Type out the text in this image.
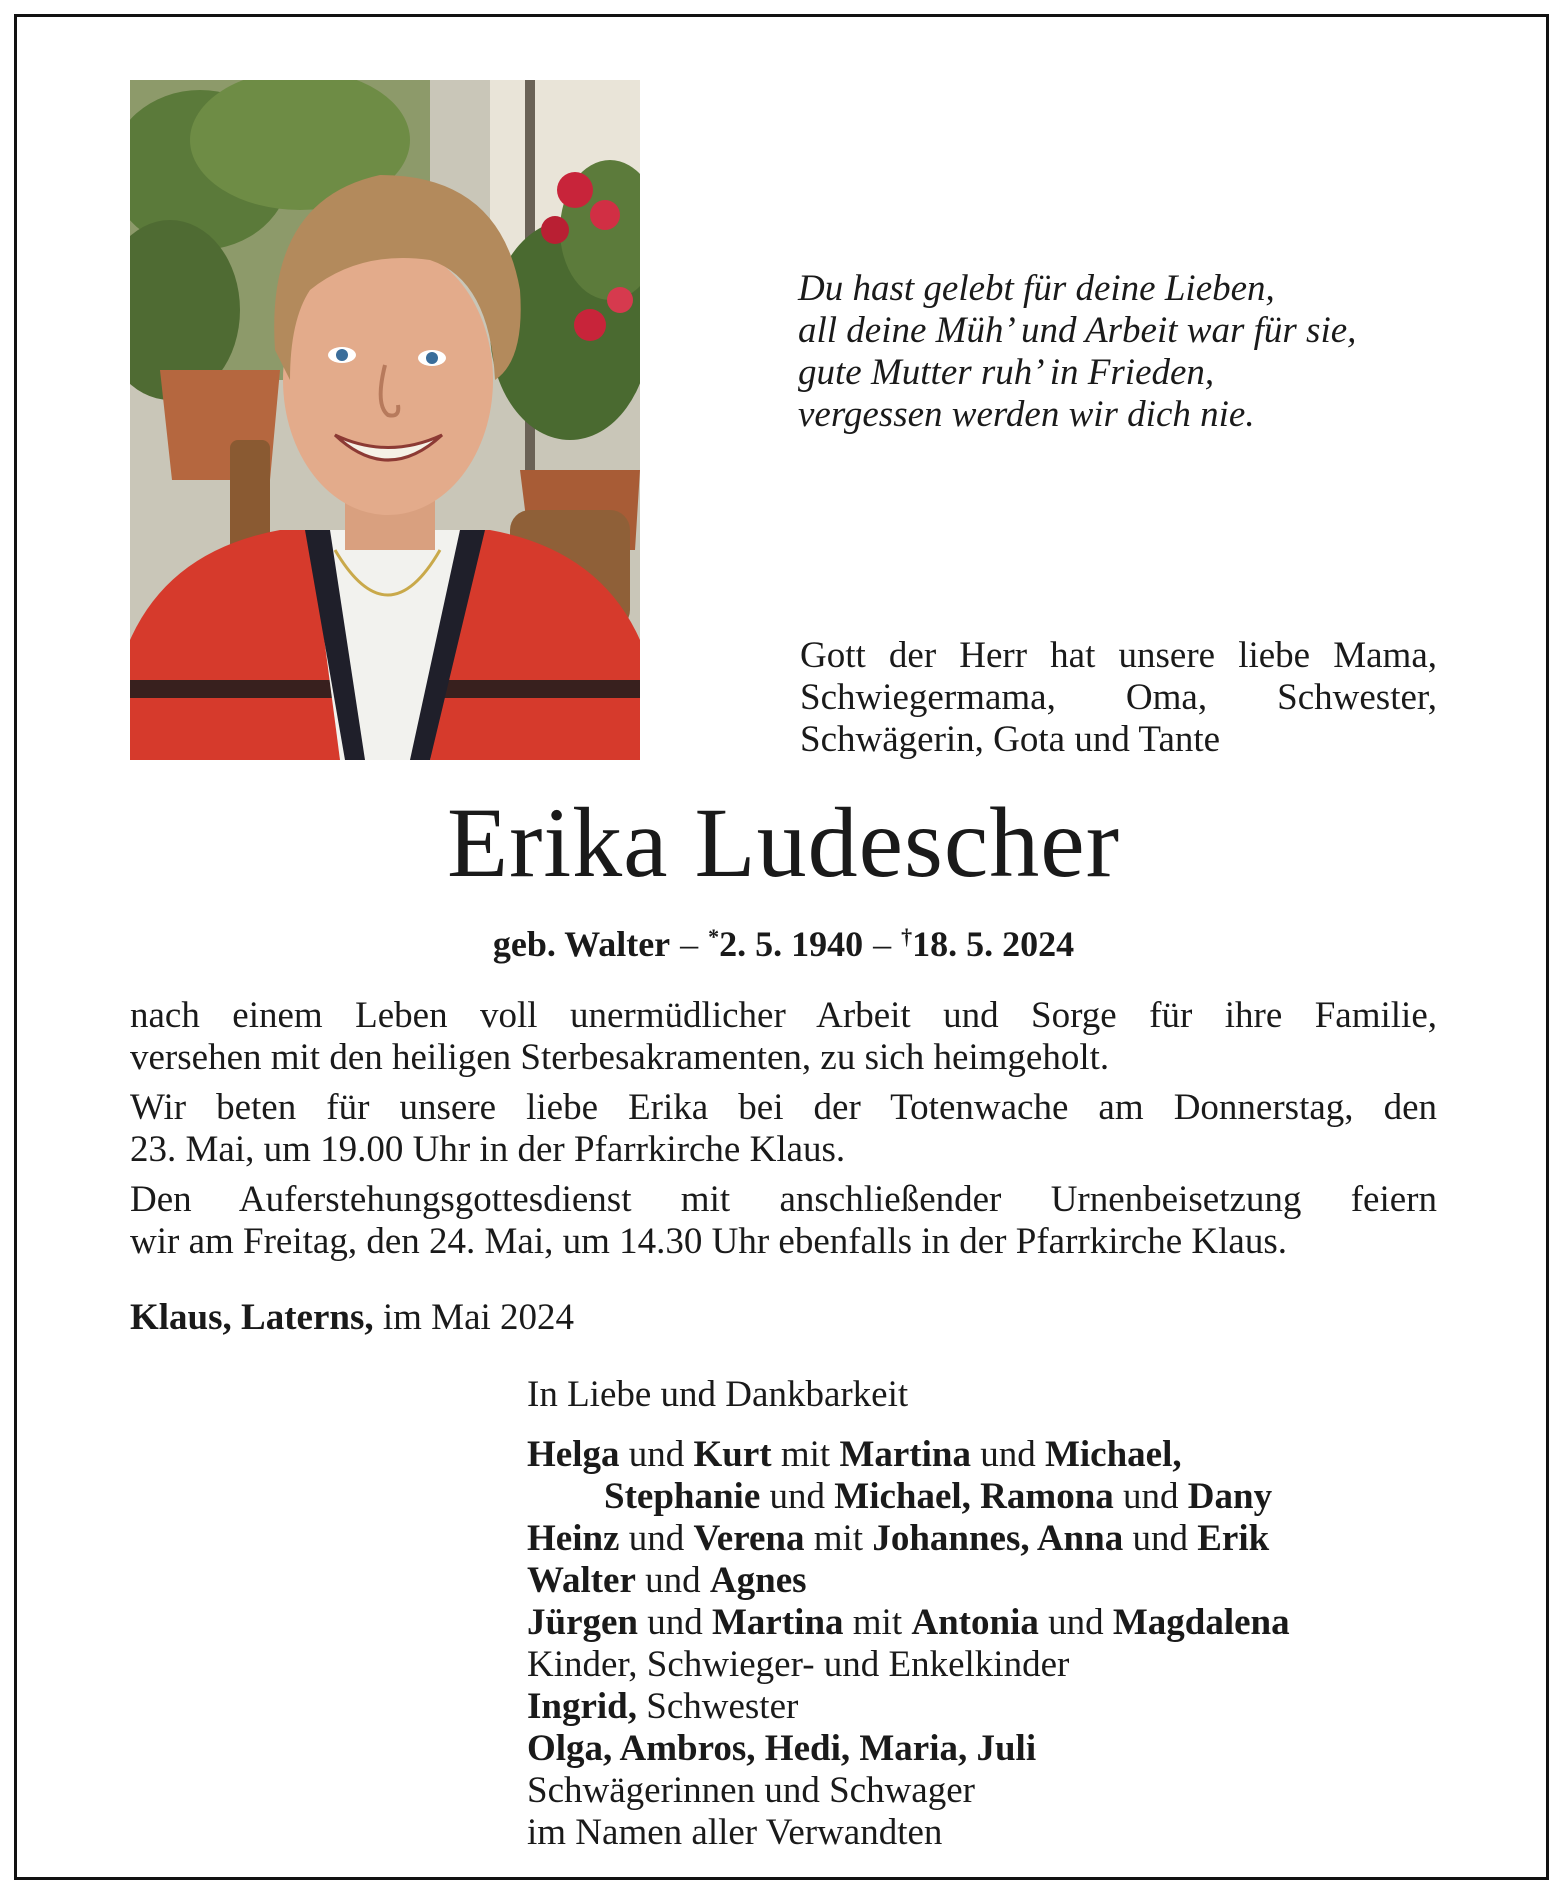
Du hast gelebt für deine Lieben,
all deine Müh’ und Arbeit war für sie,
gute Mutter ruh’ in Frieden,
vergessen werden wir dich nie.
Gott der Herr hat unsere liebe Mama,
Schwiegermama, Oma, Schwester,
Schwägerin, Gota und Tante
Erika Ludescher
geb. Walter – *2. 5. 1940 – †18. 5. 2024
nach einem Leben voll unermüdlicher Arbeit und Sorge für ihre Familie,
versehen mit den heiligen Sterbesakramenten, zu sich heimgeholt.
Wir beten für unsere liebe Erika bei der Totenwache am Donnerstag, den
23. Mai, um 19.00 Uhr in der Pfarrkirche Klaus.
Den Auferstehungsgottesdienst mit anschließender Urnenbeisetzung feiern
wir am Freitag, den 24. Mai, um 14.30 Uhr ebenfalls in der Pfarrkirche Klaus.
Klaus, Laterns, im Mai 2024
In Liebe und Dankbarkeit
Helga und Kurt mit Martina und Michael,
Stephanie und Michael, Ramona und Dany
Heinz und Verena mit Johannes, Anna und Erik
Walter und Agnes
Jürgen und Martina mit Antonia und Magdalena
Kinder, Schwieger- und Enkelkinder
Ingrid, Schwester
Olga, Ambros, Hedi, Maria, Juli
Schwägerinnen und Schwager
im Namen aller Verwandten
